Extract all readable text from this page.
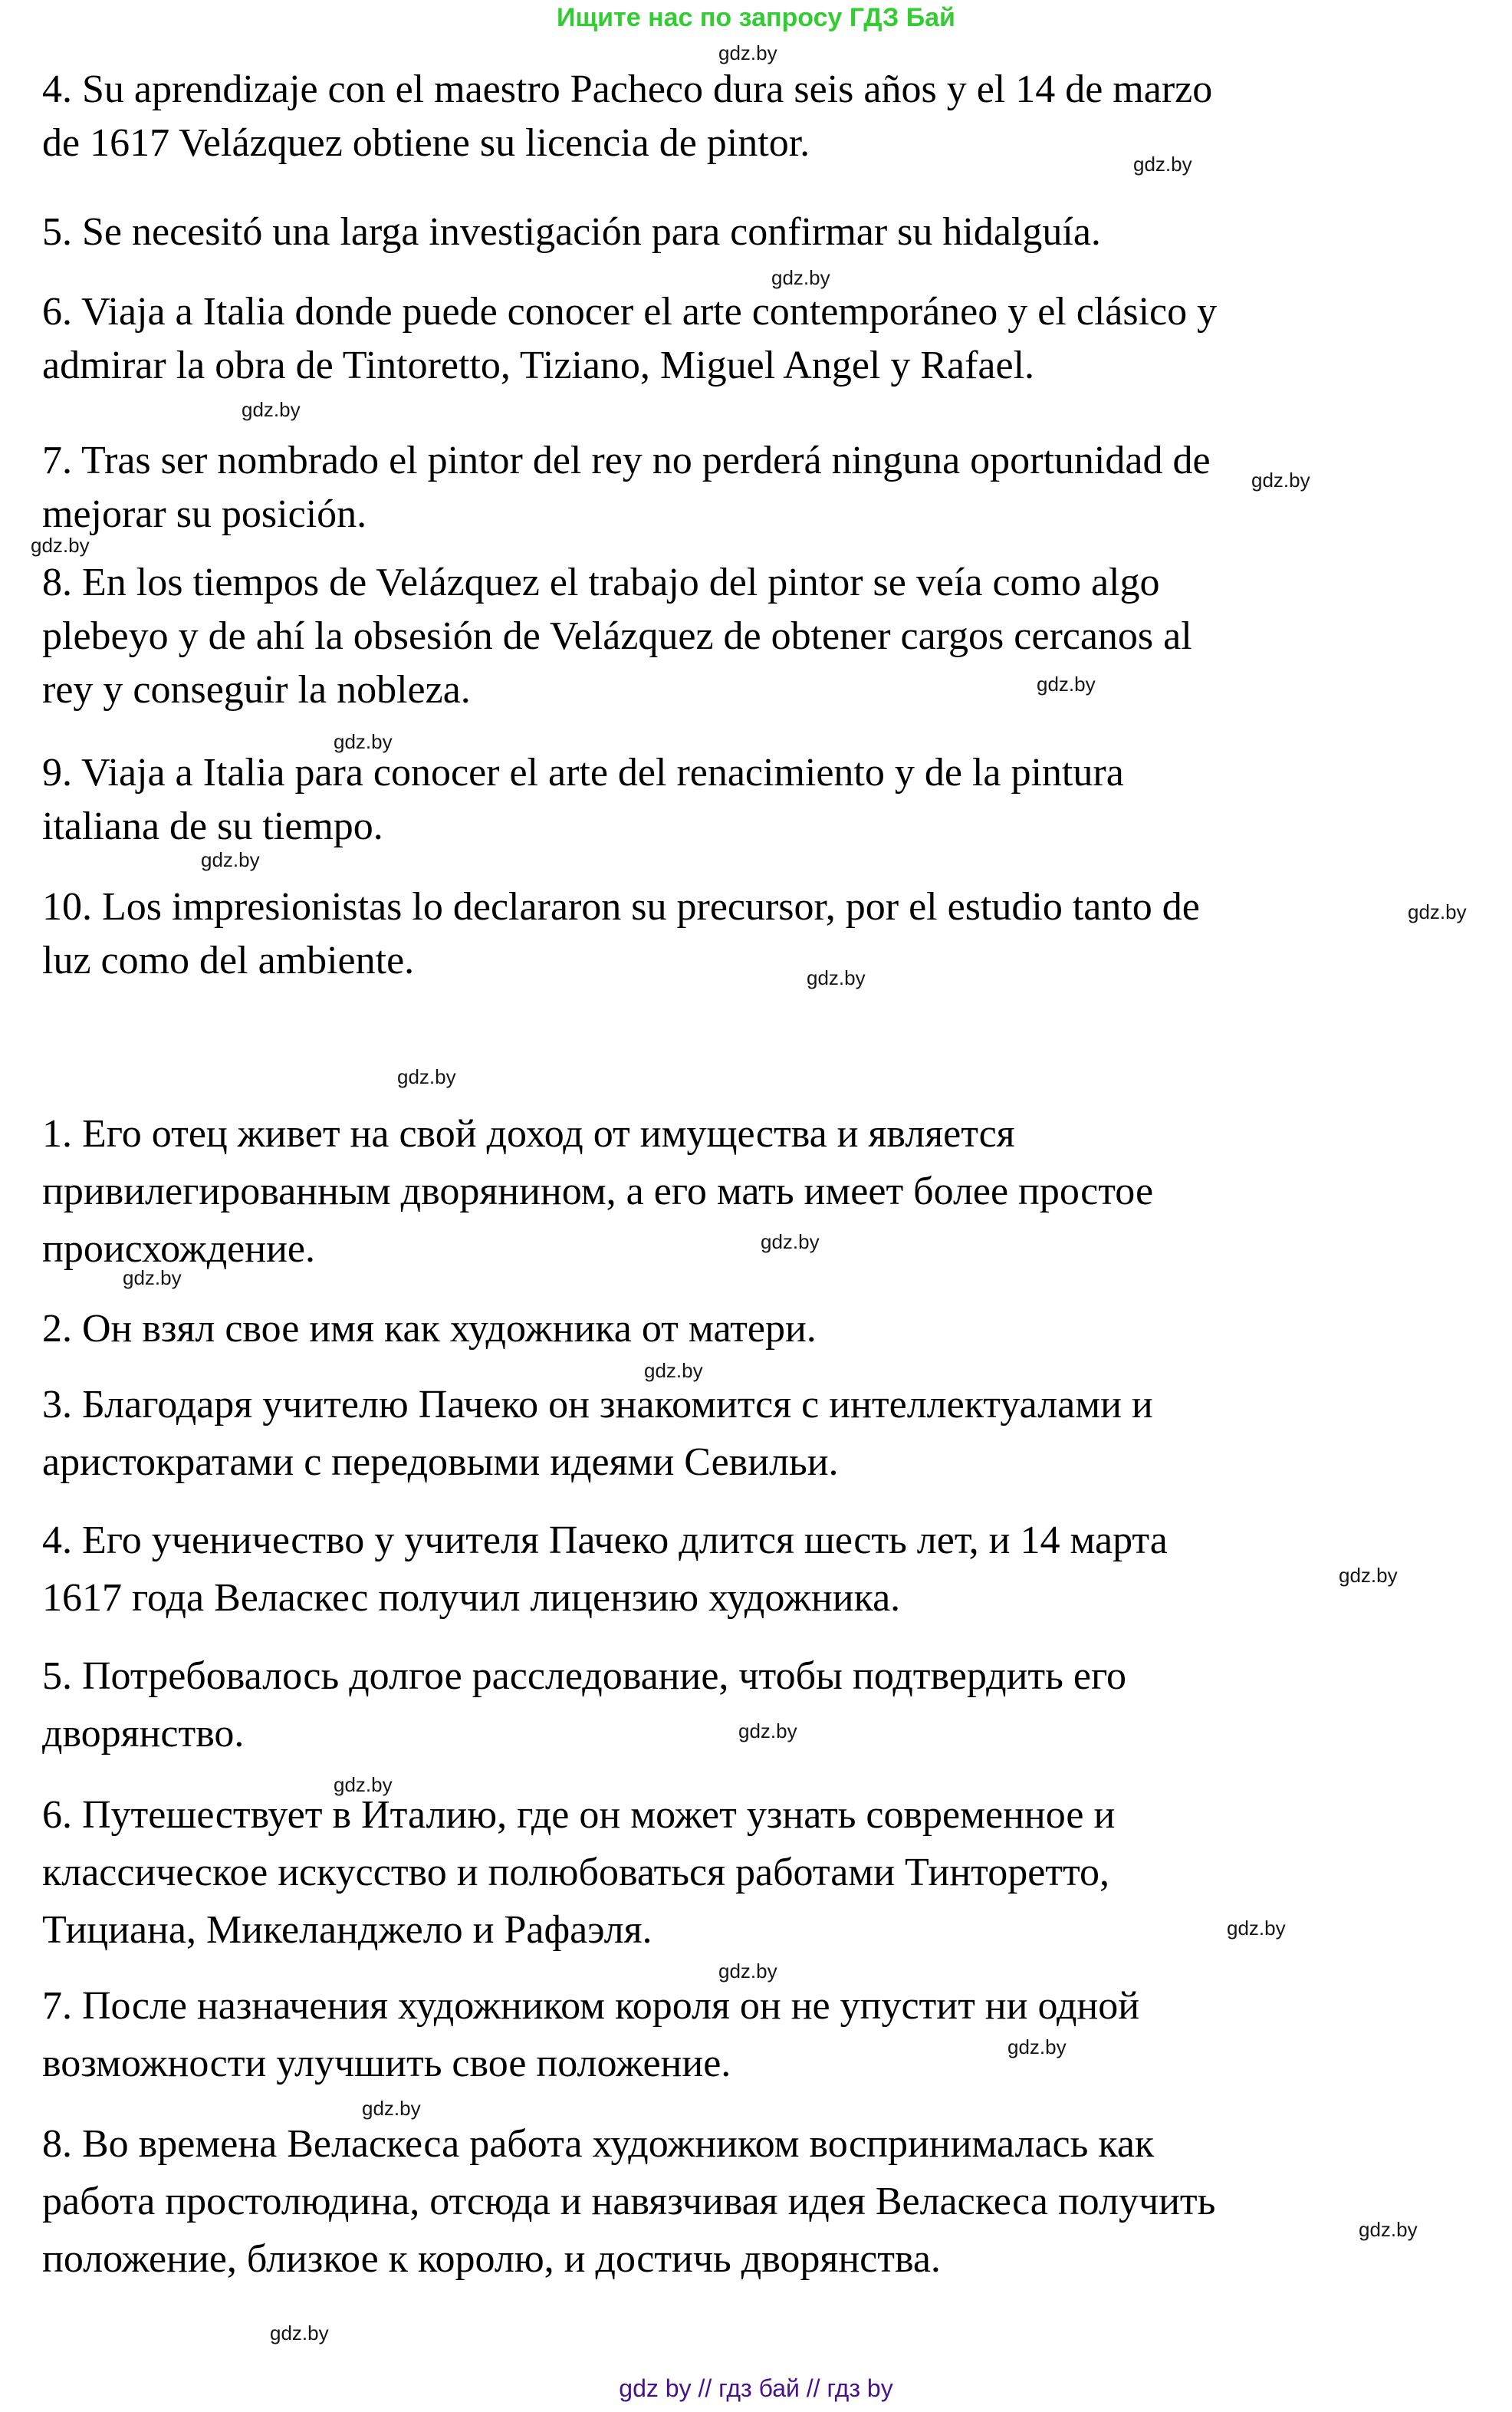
Ищите нас по запросу ГДЗ Бай
gdz.by
gdz.by
gdz.by
gdz.by
gdz.by
gdz.by
gdz.by
gdz.by
gdz.by
gdz.by
gdz.by
gdz.by
gdz.by
gdz.by
gdz.by
gdz.by
gdz.by
gdz.by
gdz.by
gdz.by
gdz.by
gdz.by
gdz.by
gdz.by
4. Su aprendizaje con el maestro Pacheco dura seis años y el 14 de marzo
de 1617 Velázquez obtiene su licencia de pintor.
5. Se necesitó una larga investigación para confirmar su hidalguía.
6. Viaja a Italia donde puede conocer el arte contemporáneo y el clásico y
admirar la obra de Tintoretto, Tiziano, Miguel Angel y Rafael.
7. Tras ser nombrado el pintor del rey no perderá ninguna oportunidad de
mejorar su posición.
8. En los tiempos de Velázquez el trabajo del pintor se veía como algo
plebeyo y de ahí la obsesión de Velázquez de obtener cargos cercanos al
rey y conseguir la nobleza.
9. Viaja a Italia para conocer el arte del renacimiento y de la pintura
italiana de su tiempo.
10. Los impresionistas lo declararon su precursor, por el estudio tanto de
luz como del ambiente.
1. Его отец живет на свой доход от имущества и является
привилегированным дворянином, а его мать имеет более простое
происхождение.
2. Он взял свое имя как художника от матери.
3. Благодаря учителю Пачеко он знакомится с интеллектуалами и
аристократами с передовыми идеями Севильи.
4. Его ученичество у учителя Пачеко длится шесть лет, и 14 марта
1617 года Веласкес получил лицензию художника.
5. Потребовалось долгое расследование, чтобы подтвердить его
дворянство.
6. Путешествует в Италию, где он может узнать современное и
классическое искусство и полюбоваться работами Тинторетто,
Тициана, Микеланджело и Рафаэля.
7. После назначения художником короля он не упустит ни одной
возможности улучшить свое положение.
8. Во времена Веласкеса работа художником воспринималась как
работа простолюдина, отсюда и навязчивая идея Веласкеса получить
положение, близкое к королю, и достичь дворянства.
gdz by // гдз бай // гдз by
